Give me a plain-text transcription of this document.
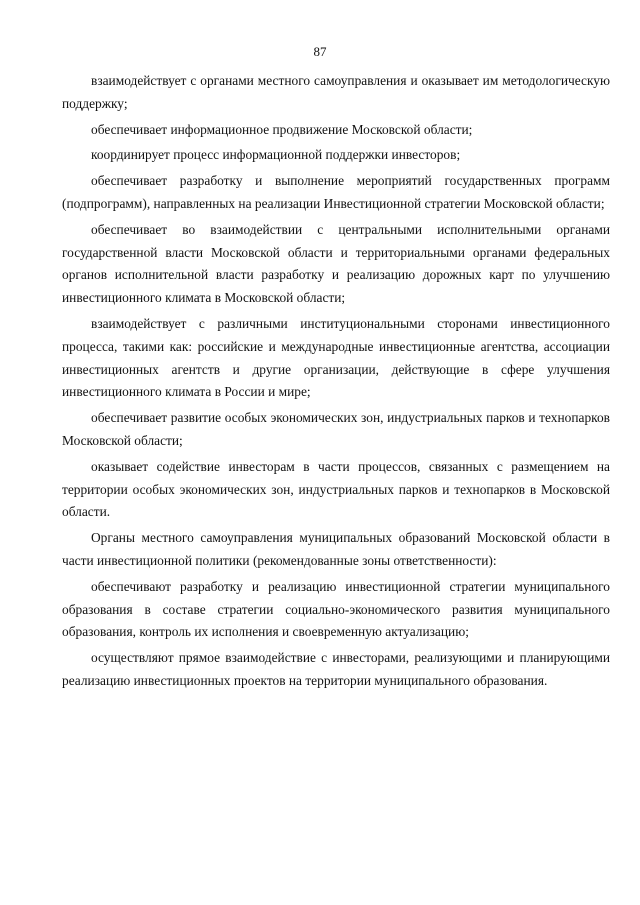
87

взаимодействует с органами местного самоуправления и оказывает им методологическую поддержку;

обеспечивает информационное продвижение Московской области;

координирует процесс информационной поддержки инвесторов;

обеспечивает разработку и выполнение мероприятий государственных программ (подпрограмм), направленных на реализации Инвестиционной стратегии Московской области;

обеспечивает во взаимодействии с центральными исполнительными органами государственной власти Московской области и территориальными органами федеральных органов исполнительной власти разработку и реализацию дорожных карт по улучшению инвестиционного климата в Московской области;

взаимодействует с различными институциональными сторонами инвестиционного процесса, такими как: российские и международные инвестиционные агентства, ассоциации инвестиционных агентств и другие организации, действующие в сфере улучшения инвестиционного климата в России и мире;

обеспечивает развитие особых экономических зон, индустриальных парков и технопарков Московской области;

оказывает содействие инвесторам в части процессов, связанных с размещением на территории особых экономических зон, индустриальных парков и технопарков в Московской области.

Органы местного самоуправления муниципальных образований Московской области в части инвестиционной политики (рекомендованные зоны ответственности):

обеспечивают разработку и реализацию инвестиционной стратегии муниципального образования в составе стратегии социально-экономического развития муниципального образования, контроль их исполнения и своевременную актуализацию;

осуществляют прямое взаимодействие с инвесторами, реализующими и планирующими реализацию инвестиционных проектов на территории муниципального образования.
